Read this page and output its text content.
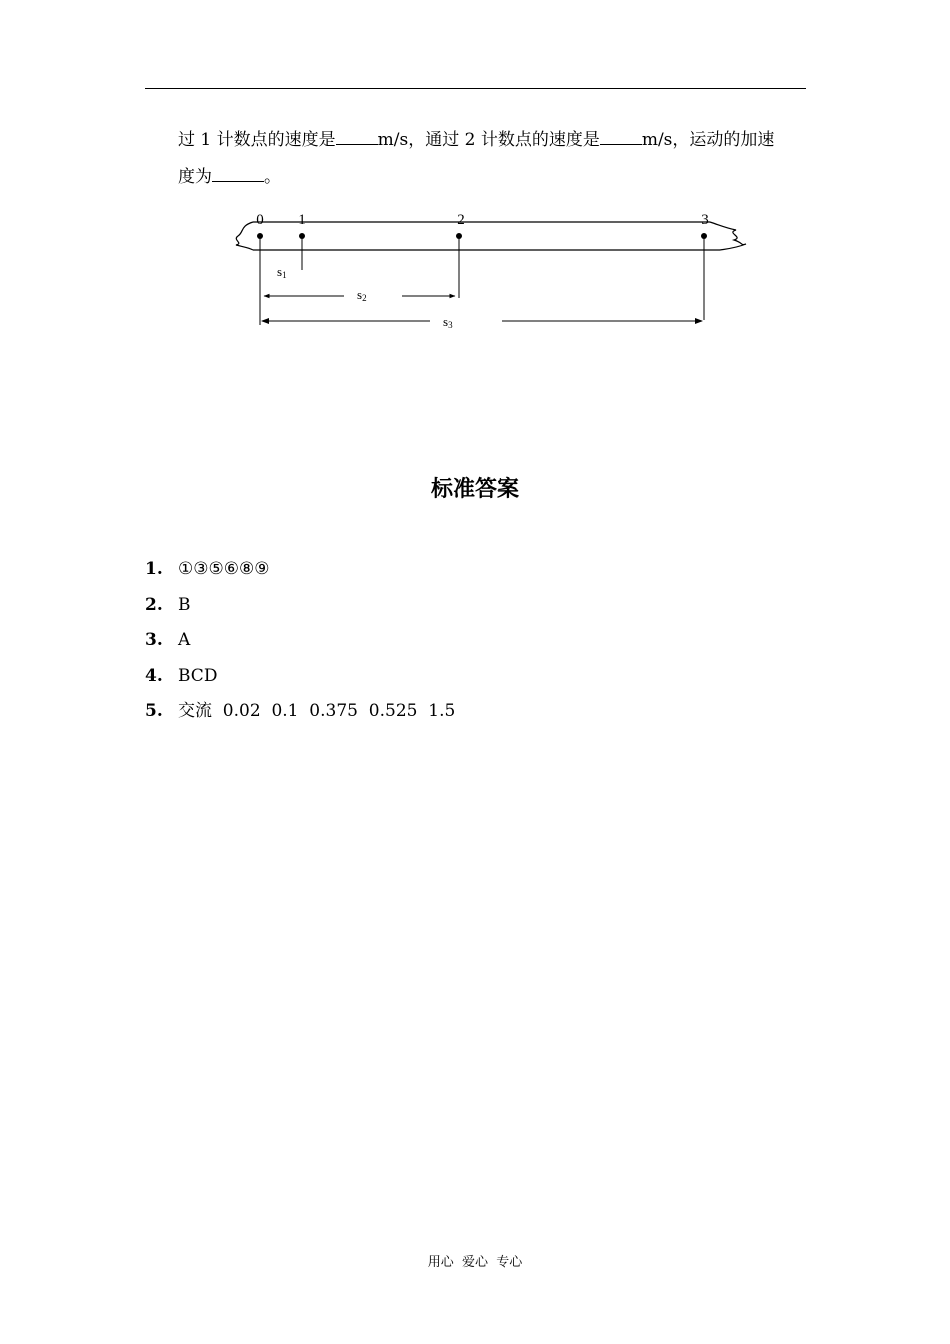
过 1 计数点的速度是 m/s，通过 2 计数点的速度是 m/s，运动的加速
度为	。
0 1	2	3
s1
s2
s3
标准答案
1. ①③⑤⑥⑧⑨
2. B
3. A
4. BCD
5. 交流  0.02  0.1  0.375  0.525  1.5
用心  爱心  专心
